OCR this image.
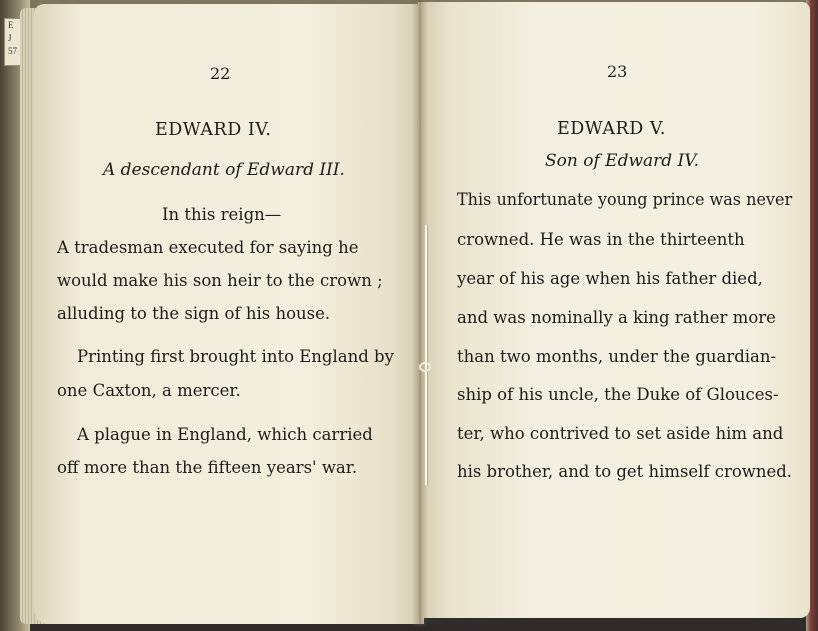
E
J
57
22
EDWARD IV.
A descendant of Edward III.
In this reign—
A tradesman executed for saying he
would make his son heir to the crown ;
alluding to the sign of his house.
Printing first brought into England by
one Caxton, a mercer.
A plague in England, which carried
off more than the fifteen years' war.
23
EDWARD V.
Son of Edward IV.
This unfortunate young prince was never
crowned. He was in the thirteenth
year of his age when his father died,
and was nominally a king rather more
than two months, under the guardian-
ship of his uncle, the Duke of Glouces-
ter, who contrived to set aside him and
his brother, and to get himself crowned.
